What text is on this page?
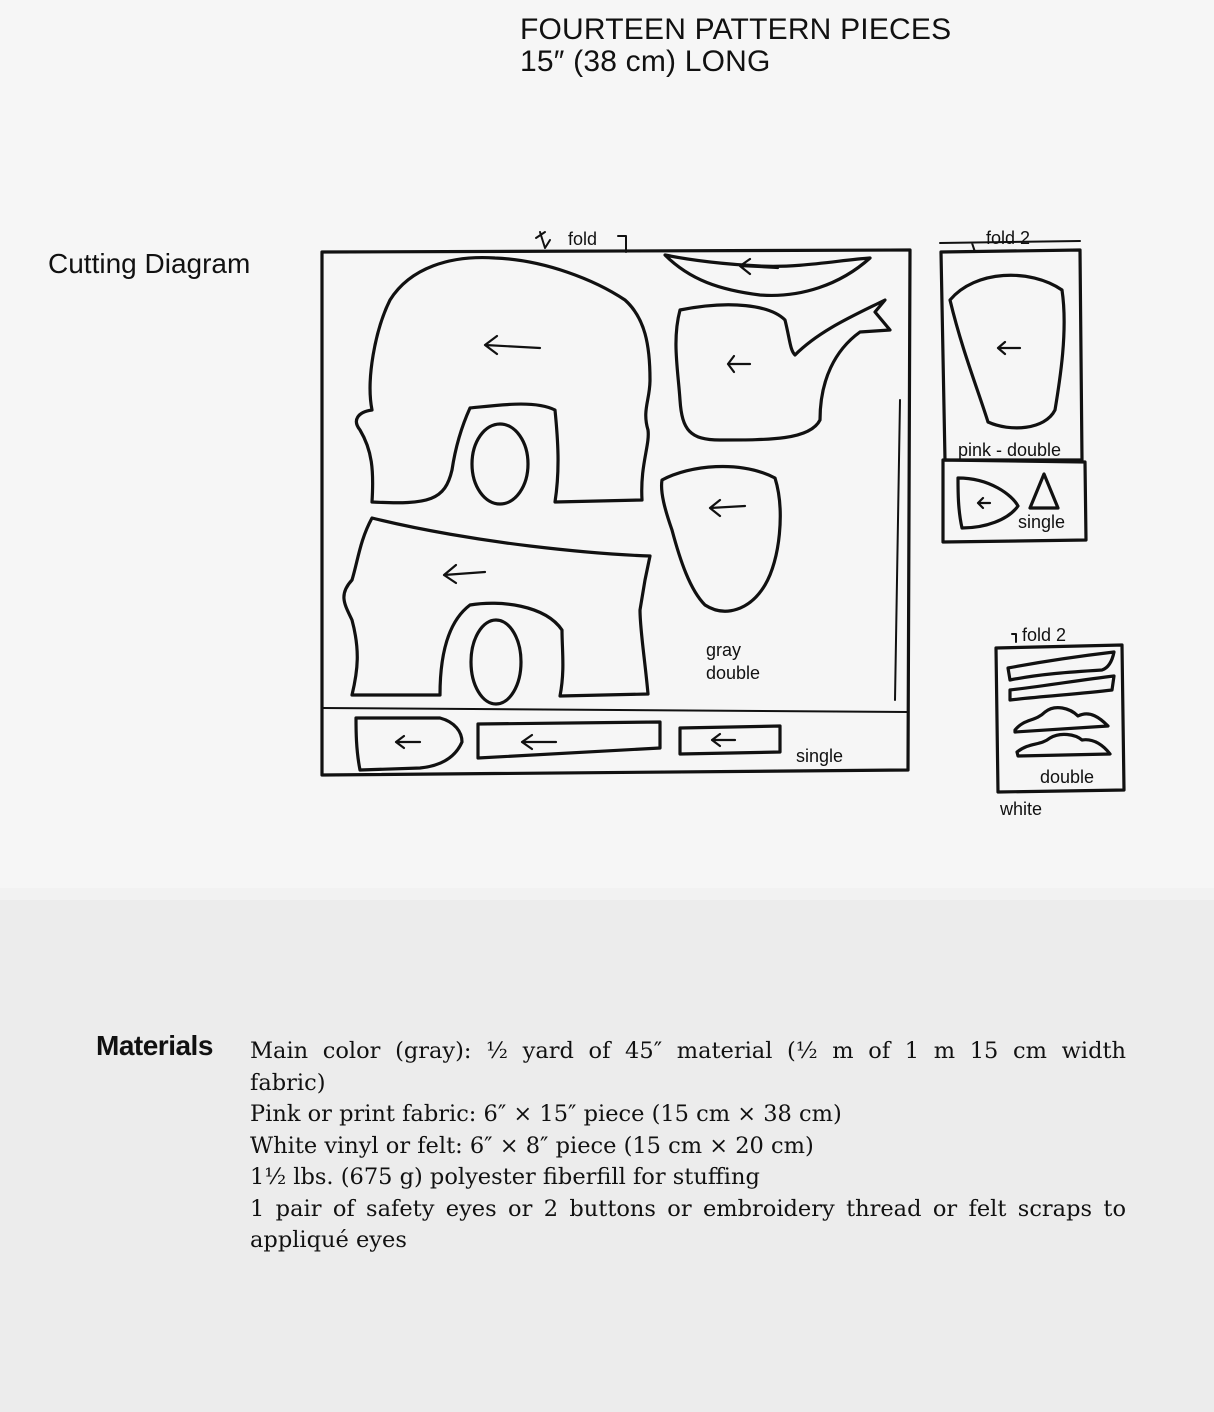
FOURTEEN PATTERN PIECES
15″ (38 cm) LONG
Cutting Diagram
fold
gray
double
single
fold 2
pink - double
single
fold 2
double
white
Materials Main color (gray): ½ yard of 45″ material (½ m of 1 m 15 cm width
fabric)
Pink or print fabric: 6″ × 15″ piece (15 cm × 38 cm)
White vinyl or felt: 6″ × 8″ piece (15 cm × 20 cm)
1½ lbs. (675 g) polyester fiberfill for stuffing
1 pair of safety eyes or 2 buttons or embroidery thread or felt scraps to
appliqué eyes
